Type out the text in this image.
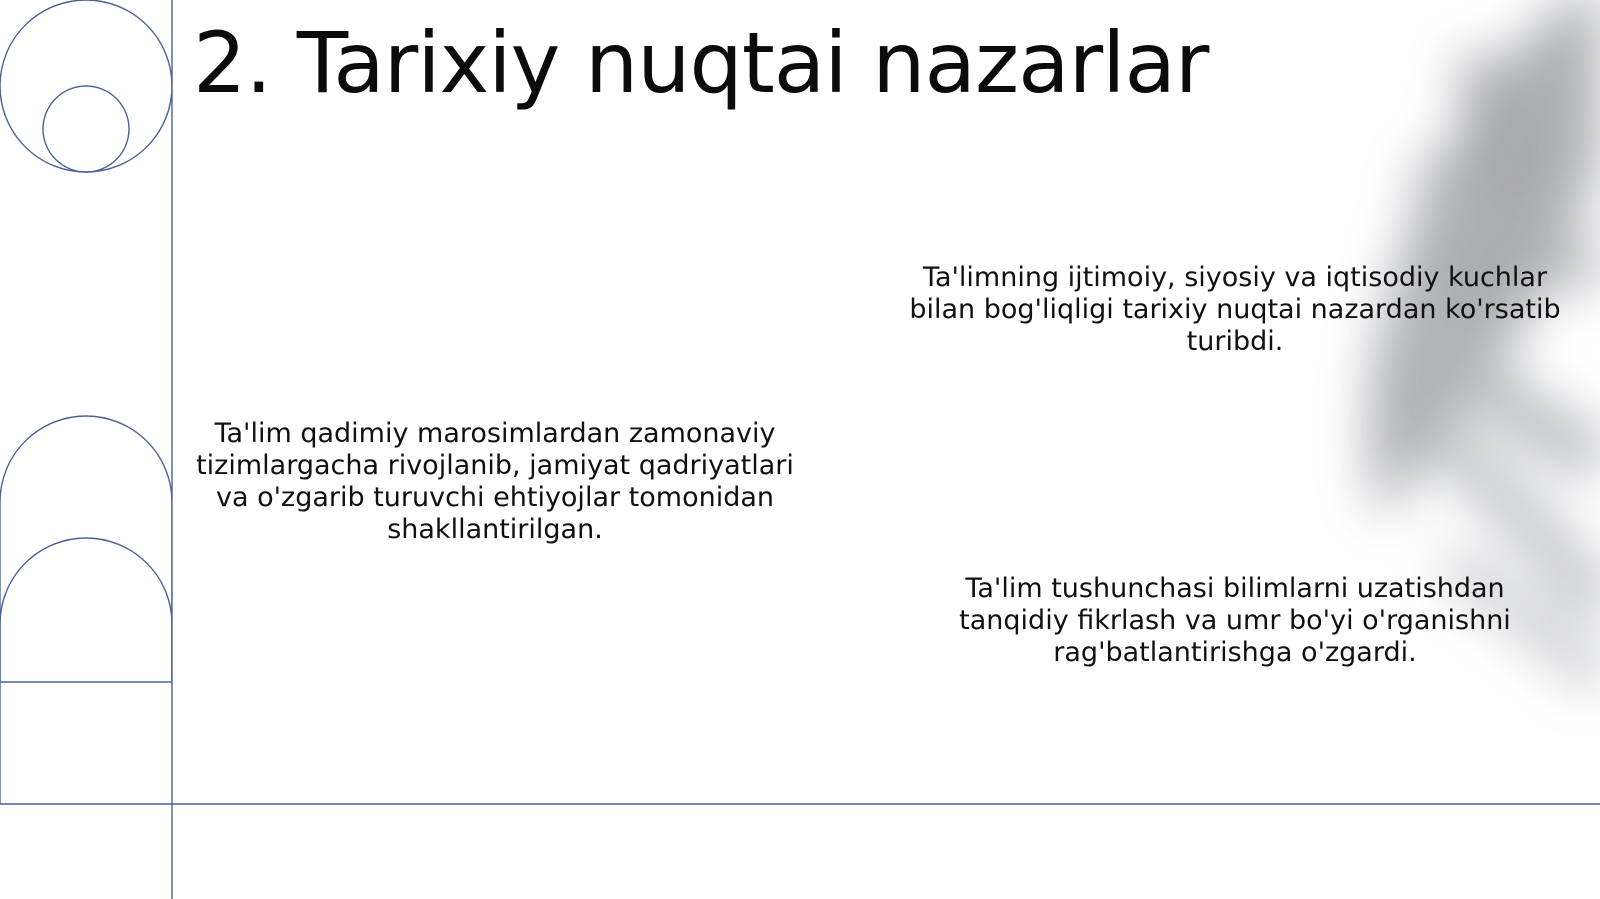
2. Tarixiy nuqtai nazarlar

Ta'limning ijtimoiy, siyosiy va iqtisodiy kuchlar bilan bog'liqligi tarixiy nuqtai nazardan ko'rsatib turibdi.

Ta'lim qadimiy marosimlardan zamonaviy tizimlargacha rivojlanib, jamiyat qadriyatlari va o'zgarib turuvchi ehtiyojlar tomonidan shakllantirilgan.

Ta'lim tushunchasi bilimlarni uzatishdan tanqidiy fikrlash va umr bo'yi o'rganishni rag'batlantirishga o'zgardi.
